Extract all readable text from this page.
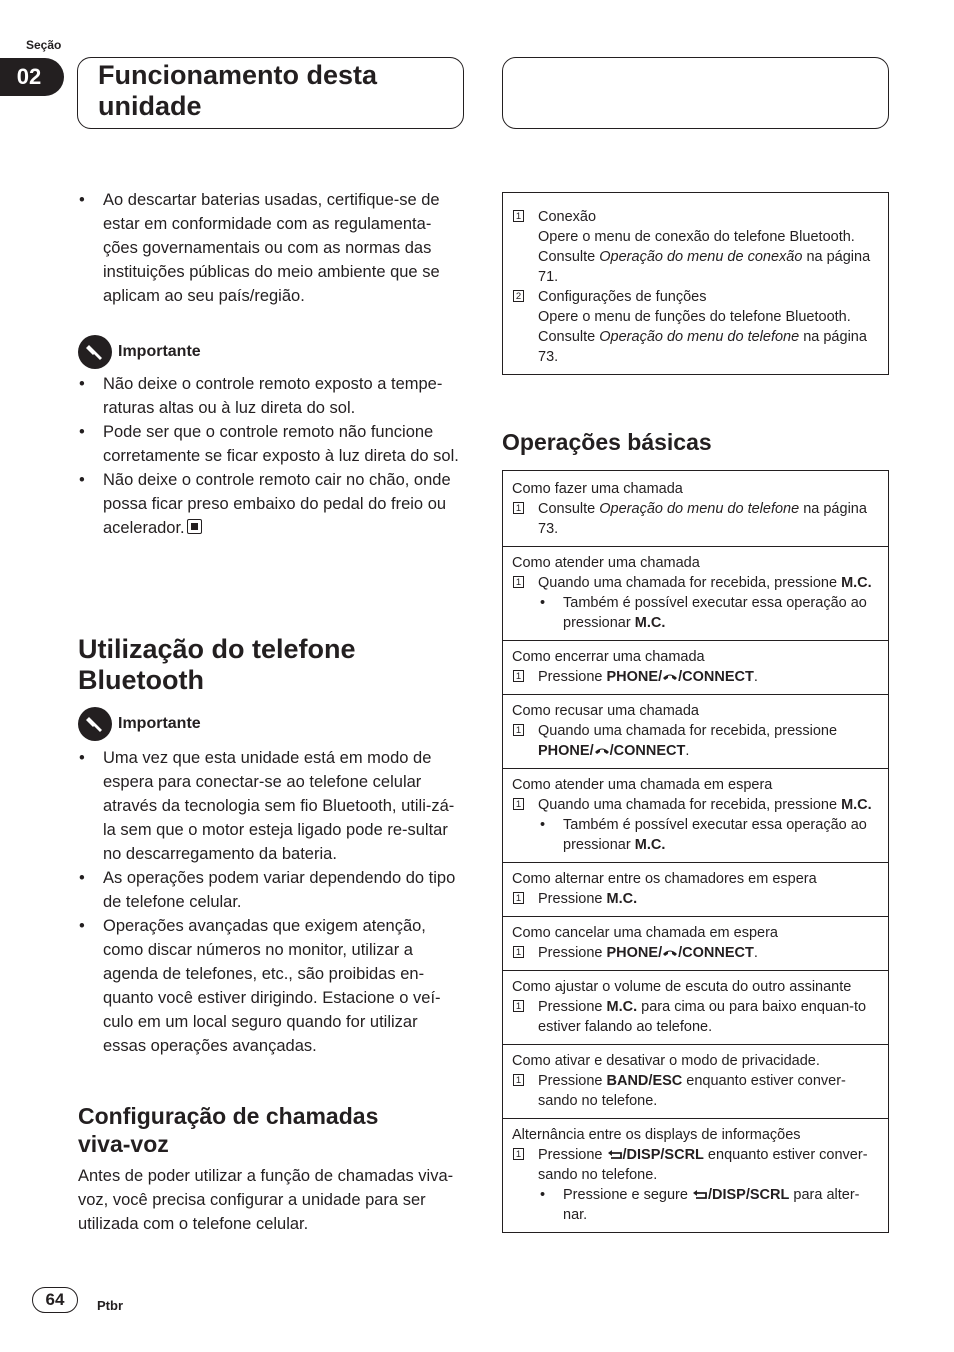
Seção
02	Funcionamento desta
unidade
• Ao descartar baterias usadas, certifique-se de estar em conformidade com as regulamenta-ções governamentais ou com as normas das instituições públicas do meio ambiente que se aplicam ao seu país/região.
Importante
• Não deixe o controle remoto exposto a tempe-raturas altas ou à luz direta do sol.
• Pode ser que o controle remoto não funcione corretamente se ficar exposto à luz direta do sol.
• Não deixe o controle remoto cair no chão, onde possa ficar preso embaixo do pedal do freio ou acelerador.
Utilização do telefone
Bluetooth
Importante
• Uma vez que esta unidade está em modo de espera para conectar-se ao telefone celular através da tecnologia sem fio Bluetooth, utili-zá-la sem que o motor esteja ligado pode re-sultar no descarregamento da bateria.
• As operações podem variar dependendo do tipo de telefone celular.
• Operações avançadas que exigem atenção, como discar números no monitor, utilizar a agenda de telefones, etc., são proibidas en-quanto você estiver dirigindo. Estacione o veí-culo em um local seguro quando for utilizar essas operações avançadas.
Configuração de chamadas
viva-voz
Antes de poder utilizar a função de chamadas viva-voz, você precisa configurar a unidade para ser utilizada com o telefone celular.
1 Conexão
Opere o menu de conexão do telefone Bluetooth. Consulte Operação do menu de conexão na página 71.
2 Configurações de funções
Opere o menu de funções do telefone Bluetooth. Consulte Operação do menu do telefone na página 73.
Operações básicas
Como fazer uma chamada
1 Consulte Operação do menu do telefone na página 73.
Como atender uma chamada
1 Quando uma chamada for recebida, pressione M.C.
• Também é possível executar essa operação ao pressionar M.C.
Como encerrar uma chamada
1 Pressione PHONE/ /CONNECT.
Como recusar uma chamada
1 Quando uma chamada for recebida, pressione PHONE/ /CONNECT.
Como atender uma chamada em espera
1 Quando uma chamada for recebida, pressione M.C.
• Também é possível executar essa operação ao pressionar M.C.
Como alternar entre os chamadores em espera
1 Pressione M.C.
Como cancelar uma chamada em espera
1 Pressione PHONE/ /CONNECT.
Como ajustar o volume de escuta do outro assinante
1 Pressione M.C. para cima ou para baixo enquan-to estiver falando ao telefone.
Como ativar e desativar o modo de privacidade.
1 Pressione BAND/ESC enquanto estiver conver-sando no telefone.
Alternância entre os displays de informações
1 Pressione /DISP/SCRL enquanto estiver conver-sando no telefone.
• Pressione e segure /DISP/SCRL para alter-nar.
64	Ptbr
